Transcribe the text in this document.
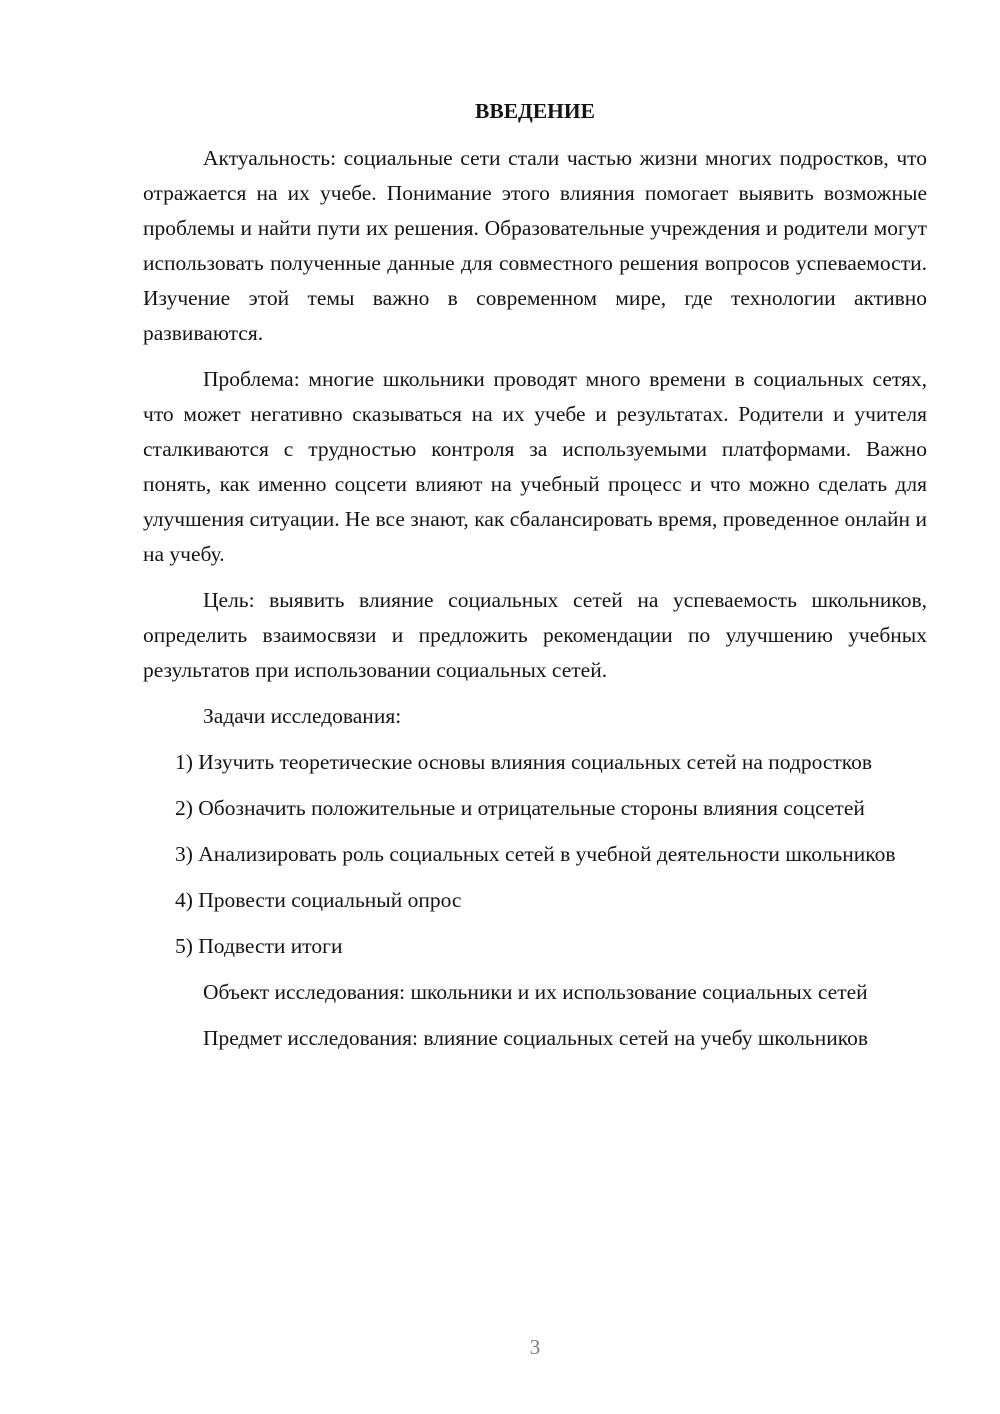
ВВЕДЕНИЕ

Актуальность: социальные сети стали частью жизни многих подростков, что отражается на их учебе. Понимание этого влияния помогает выявить возможные проблемы и найти пути их решения. Образовательные учреждения и родители могут использовать полученные данные для совместного решения вопросов успеваемости. Изучение этой темы важно в современном мире, где технологии активно развиваются.

Проблема: многие школьники проводят много времени в социальных сетях, что может негативно сказываться на их учебе и результатах. Родители и учителя сталкиваются с трудностью контроля за используемыми платформами. Важно понять, как именно соцсети влияют на учебный процесс и что можно сделать для улучшения ситуации. Не все знают, как сбалансировать время, проведенное онлайн и на учебу.

Цель: выявить влияние социальных сетей на успеваемость школьников, определить взаимосвязи и предложить рекомендации по улучшению учебных результатов при использовании социальных сетей.

Задачи исследования:

1) Изучить теоретические основы влияния социальных сетей на подростков

2) Обозначить положительные и отрицательные стороны влияния соцсетей

3) Анализировать роль социальных сетей в учебной деятельности школьников

4) Провести социальный опрос

5) Подвести итоги

Объект исследования: школьники и их использование социальных сетей

Предмет исследования: влияние социальных сетей на учебу школьников

3
